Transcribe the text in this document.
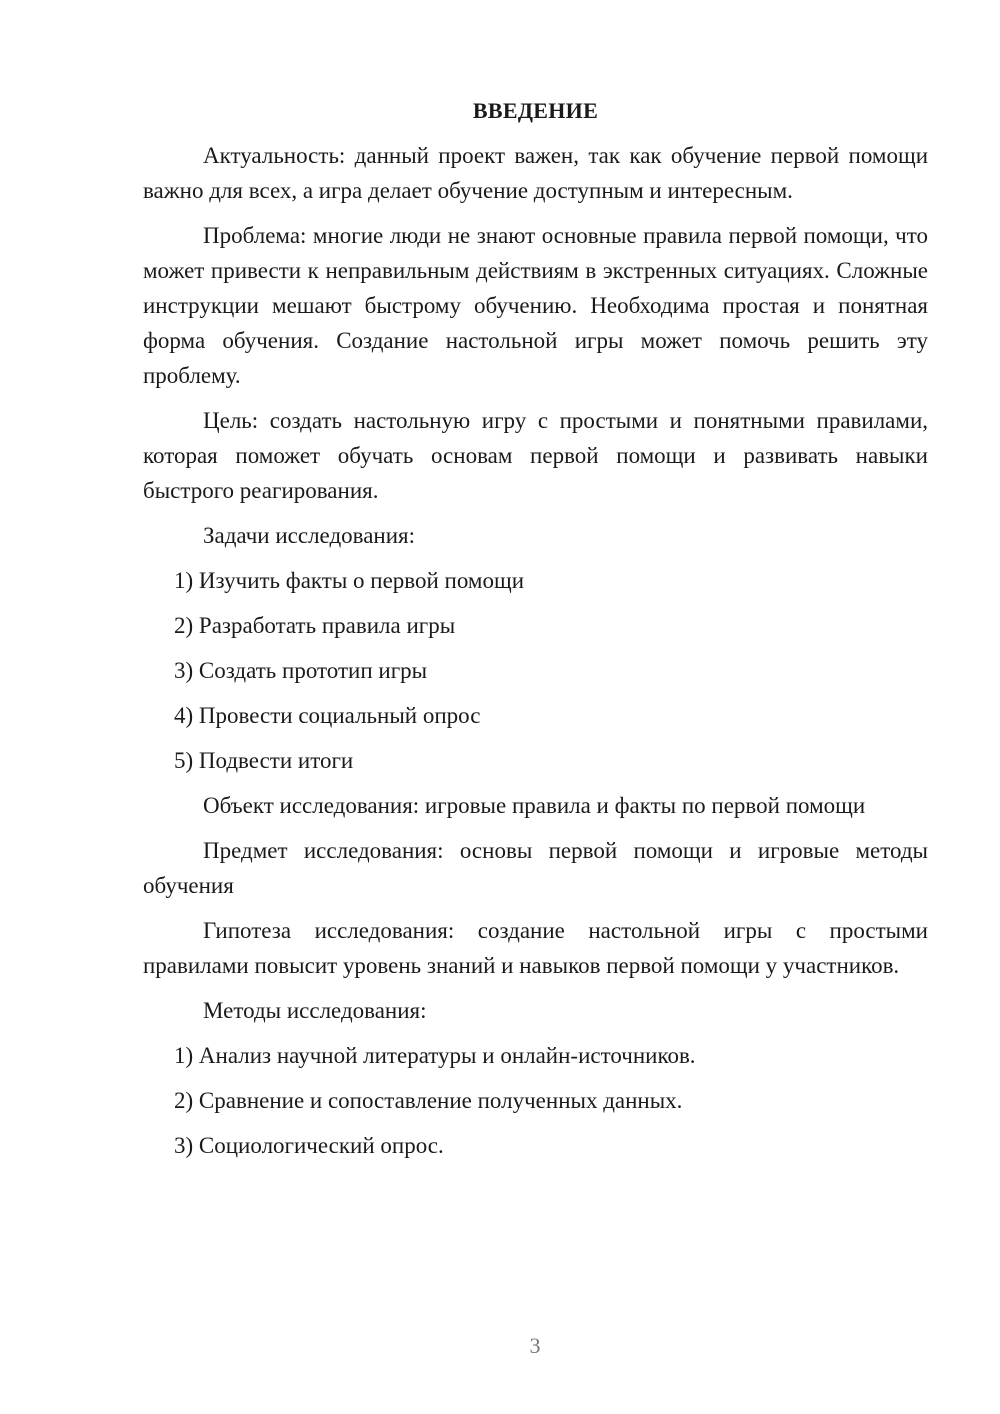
ВВЕДЕНИЕ

Актуальность: данный проект важен, так как обучение первой помощи важно для всех, а игра делает обучение доступным и интересным.

Проблема: многие люди не знают основные правила первой помощи, что может привести к неправильным действиям в экстренных ситуациях. Сложные инструкции мешают быстрому обучению. Необходима простая и понятная форма обучения. Создание настольной игры может помочь решить эту проблему.

Цель: создать настольную игру с простыми и понятными правилами, которая поможет обучать основам первой помощи и развивать навыки быстрого реагирования.

Задачи исследования:

1) Изучить факты о первой помощи

2) Разработать правила игры

3) Создать прототип игры

4) Провести социальный опрос

5) Подвести итоги

Объект исследования: игровые правила и факты по первой помощи

Предмет исследования: основы первой помощи и игровые методы обучения

Гипотеза исследования: создание настольной игры с простыми правилами повысит уровень знаний и навыков первой помощи у участников.

Методы исследования:

1) Анализ научной литературы и онлайн-источников.

2) Сравнение и сопоставление полученных данных.

3) Социологический опрос.

3
